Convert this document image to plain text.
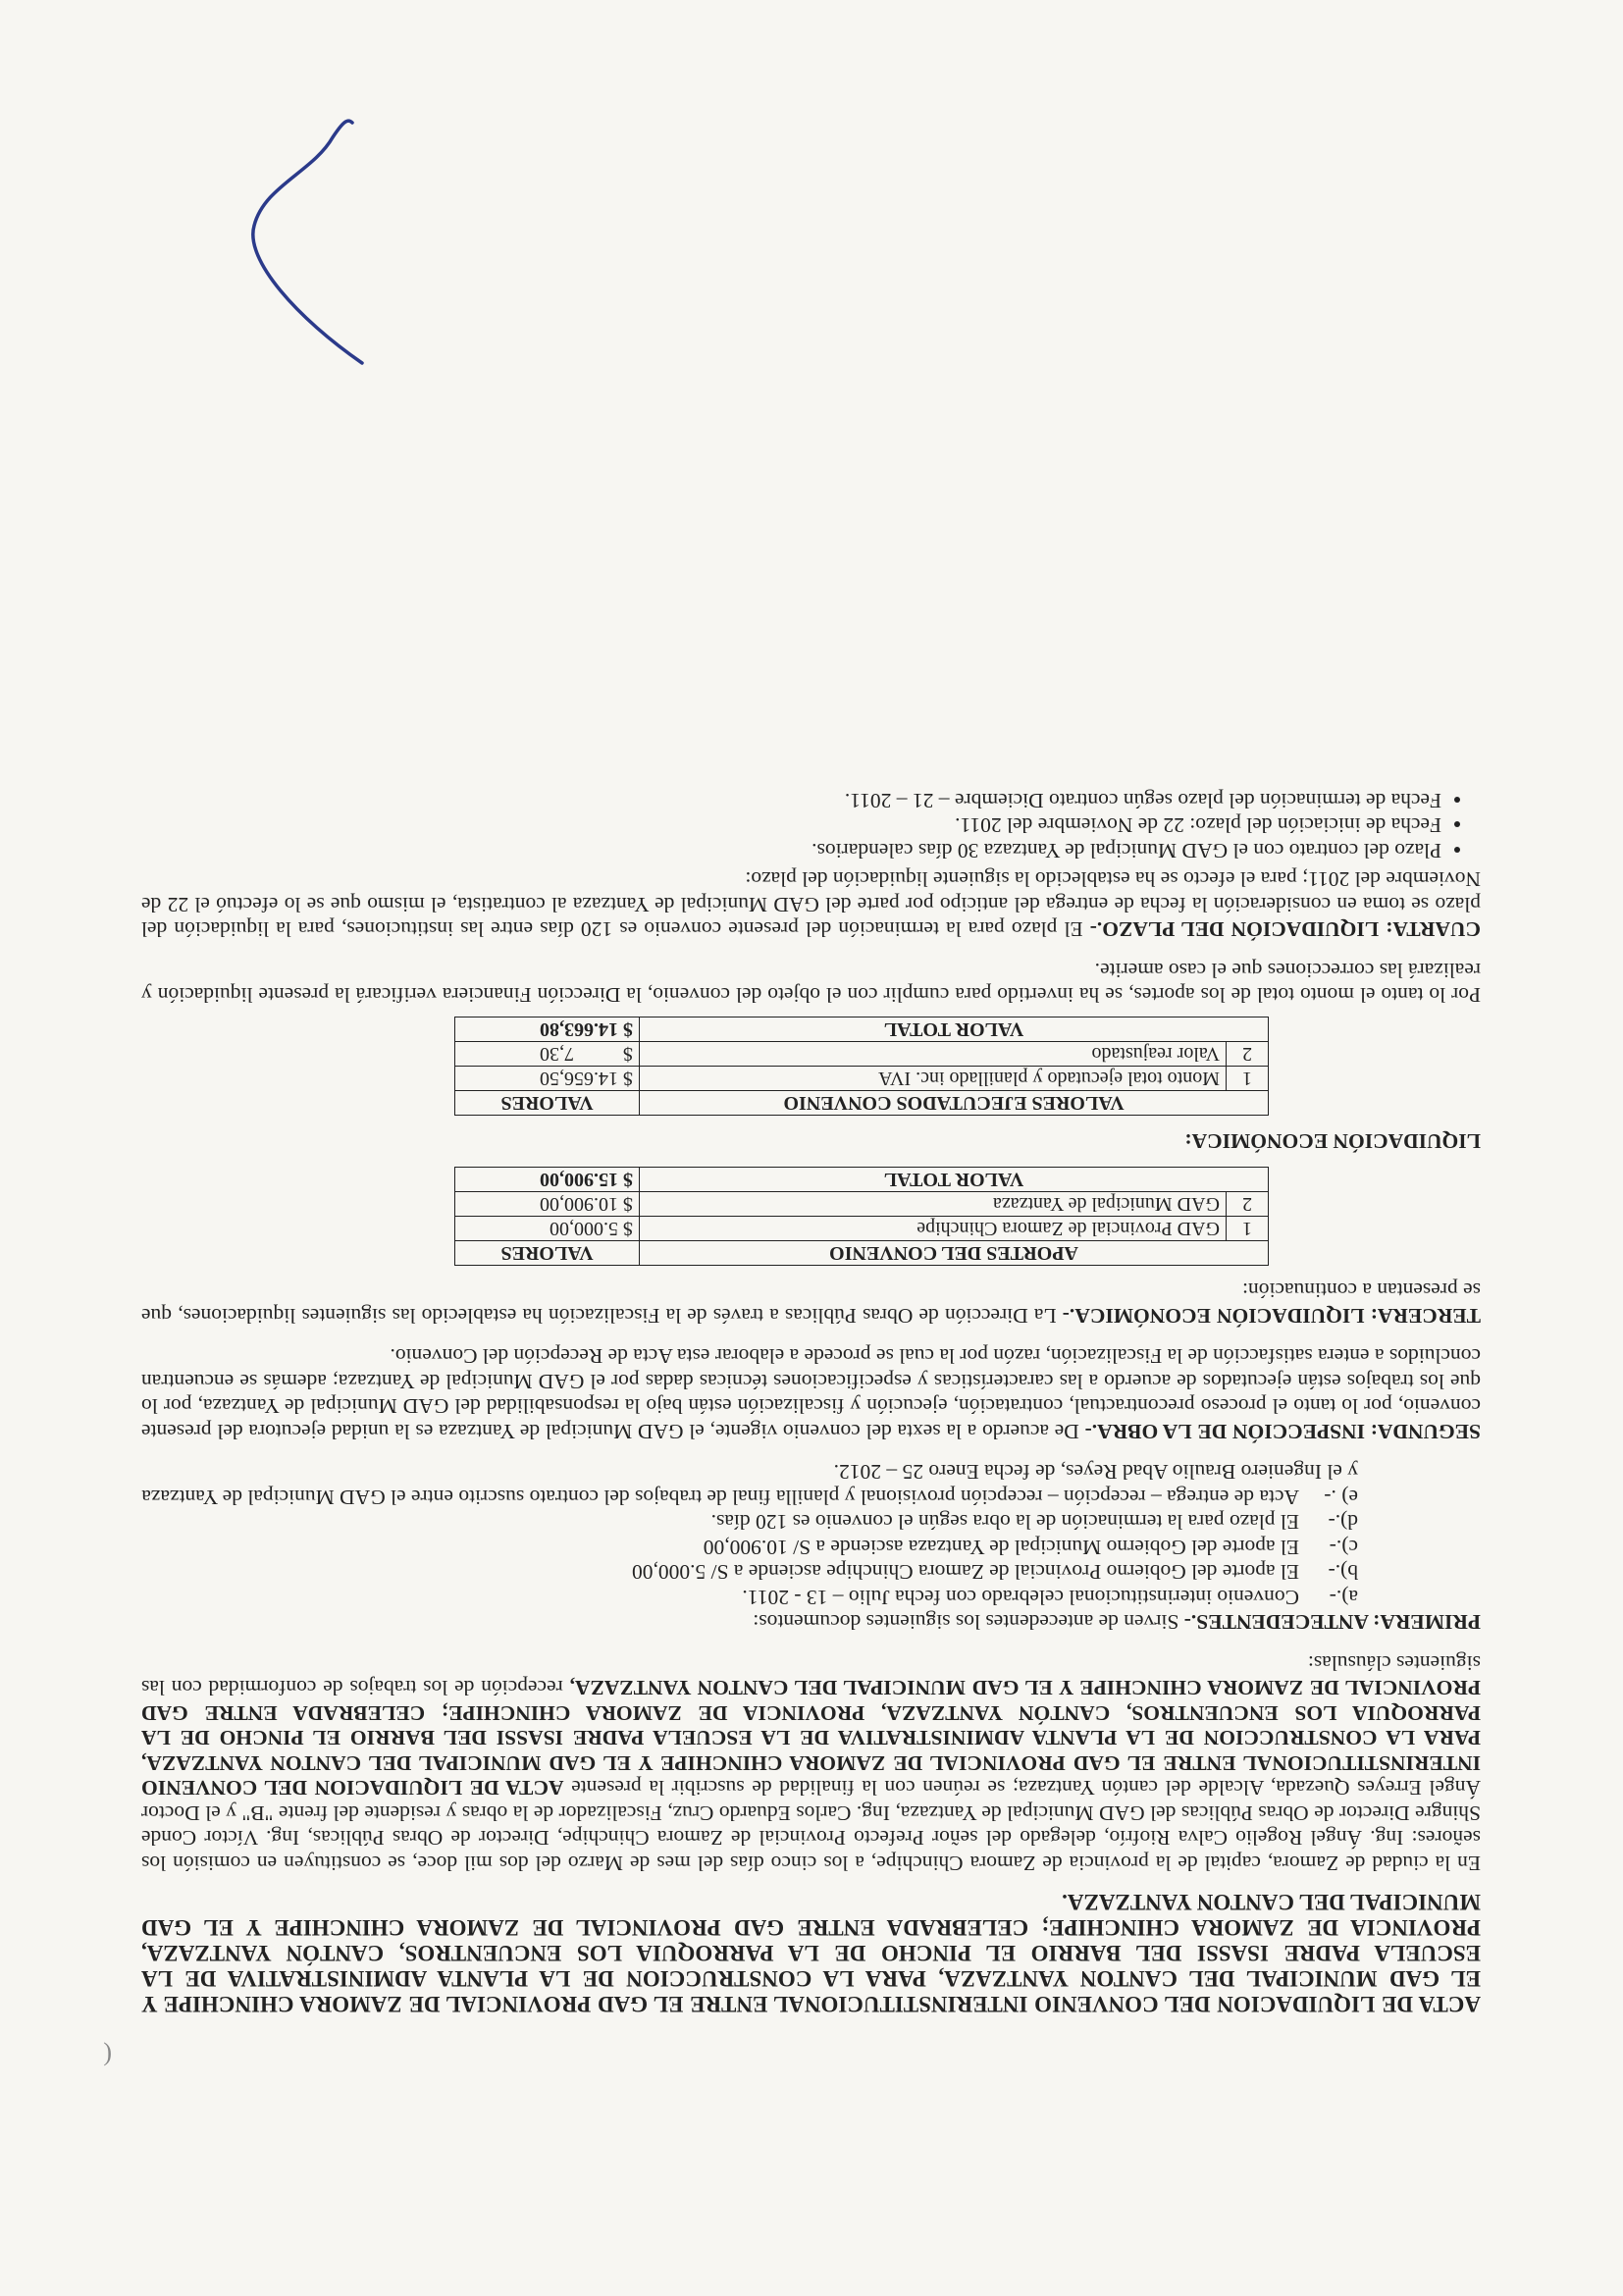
ACTA DE LIQUIDACION DEL CONVENIO INTERINSTITUCIONAL ENTRE EL GAD PROVINCIAL DE ZAMORA CHINCHIPE Y EL GAD MUNICIPAL DEL CANTON YANTZAZA, PARA LA CONSTRUCCION DE LA PLANTA ADMINISTRATIVA DE LA ESCUELA PADRE ISASSI DEL BARRIO EL PINCHO DE LA PARROQUIA LOS ENCUENTROS, CANTÓN YANTZAZA, PROVINCIA DE ZAMORA CHINCHIPE; CELEBRADA ENTRE GAD PROVINCIAL DE ZAMORA CHINCHIPE Y EL GAD MUNICIPAL DEL CANTON YANTZAZA.

En la ciudad de Zamora, capital de la provincia de Zamora Chinchipe, a los cinco días del mes de Marzo del dos mil doce, se constituyen en comisión los señores: Ing. Ángel Rogelio Calva Riofrío, delegado del señor Prefecto Provincial de Zamora Chinchipe, Director de Obras Públicas, Ing. Víctor Conde Shingre Director de Obras Públicas del GAD Municipal de Yantzaza, Ing. Carlos Eduardo Cruz, Fiscalizador de la obras y residente del frente "B" y el Doctor Ángel Erreyes Quezada, Alcalde del cantón Yantzaza; se reúnen con la finalidad de suscribir la presente ACTA DE LIQUIDACION DEL CONVENIO INTERINSTITUCIONAL ENTRE EL GAD PROVINCIAL DE ZAMORA CHINCHIPE Y EL GAD MUNICIPAL DEL CANTON YANTZAZA, PARA LA CONSTRUCCION DE LA PLANTA ADMINISTRATIVA DE LA ESCUELA PADRE ISASSI DEL BARRIO EL PINCHO DE LA PARROQUIA LOS ENCUENTROS, CANTÓN YANTZAZA, PROVINCIA DE ZAMORA CHINCHIPE; CELEBRADA ENTRE GAD PROVINCIAL DE ZAMORA CHINCHIPE Y EL GAD MUNICIPAL DEL CANTON YANTZAZA, recepción de los trabajos de conformidad con las siguientes cláusulas:

PRIMERA: ANTECEDENTES.- Sirven de antecedentes los siguientes documentos:

a).-Convenio interinstitucional celebrado con fecha Julio – 13 - 2011.
b).-El aporte del Gobierno Provincial de Zamora Chinchipe asciende a S/ 5.000,00
c).-El aporte del Gobierno Municipal de Yantzaza asciende a S/ 10.900,00
d).-El plazo para la terminación de la obra según el convenio es 120 días.
e) .-Acta de entrega – recepción – recepción provisional y planilla final de trabajos del contrato suscrito entre el GAD Municipal de Yantzaza y el Ingeniero Braulio Abad Reyes, de fecha Enero 25 – 2012.

SEGUNDA: INSPECCIÓN DE LA OBRA.- De acuerdo a la sexta del convenio vigente, el GAD Municipal de Yantzaza es la unidad ejecutora del presente convenio, por lo tanto el proceso precontractual, contratación, ejecución y fiscalización están bajo la responsabilidad del GAD Municipal de Yantzaza, por lo que los trabajos están ejecutados de acuerdo a las características y especificaciones técnicas dadas por el GAD Municipal de Yantzaza; además se encuentran concluidos a entera satisfacción de la Fiscalización, razón por la cual se procede a elaborar esta Acta de Recepción del Convenio.

TERCERA: LIQUIDACIÓN ECONÓMICA.- La Dirección de Obras Públicas a través de la Fiscalización ha establecido las siguientes liquidaciones, que se presentan a continuación:

APORTES DEL CONVENIO		VALORES
1	GAD Provincial de Zamora Chinchipe	$ 5.000,00
2	GAD Municipal de Yantzaza	$ 10.900,00
VALOR TOTAL		$ 15.900,00

LIQUIDACIÓN ECONÓMICA:

VALORES EJECUTADOS CONVENIO		VALORES
1	Monto total ejecutado y planillado inc. IVA	$ 14.656,50
2	Valor reajustado	$          7,30
VALOR TOTAL		$ 14.663,80

Por lo tanto el monto total de los aportes, se ha invertido para cumplir con el objeto del convenio, la Dirección Financiera verificará la presente liquidación y realizará las correcciones que el caso amerite.

CUARTA: LIQUIDACIÓN DEL PLAZO.- El plazo para la terminación del presente convenio es 120 días entre las instituciones, para la liquidación del plazo se toma en consideración la fecha de entrega del anticipo por parte del GAD Municipal de Yantzaza al contratista, el mismo que se lo efectuó el 22 de Noviembre del 2011; para el efecto se ha establecido la siguiente liquidación del plazo:

• Plazo del contrato con el GAD Municipal de Yantzaza 30 días calendarios.
• Fecha de iniciación del plazo: 22 de Noviembre del 2011.
• Fecha de terminación del plazo según contrato Diciembre – 21 – 2011.
(
